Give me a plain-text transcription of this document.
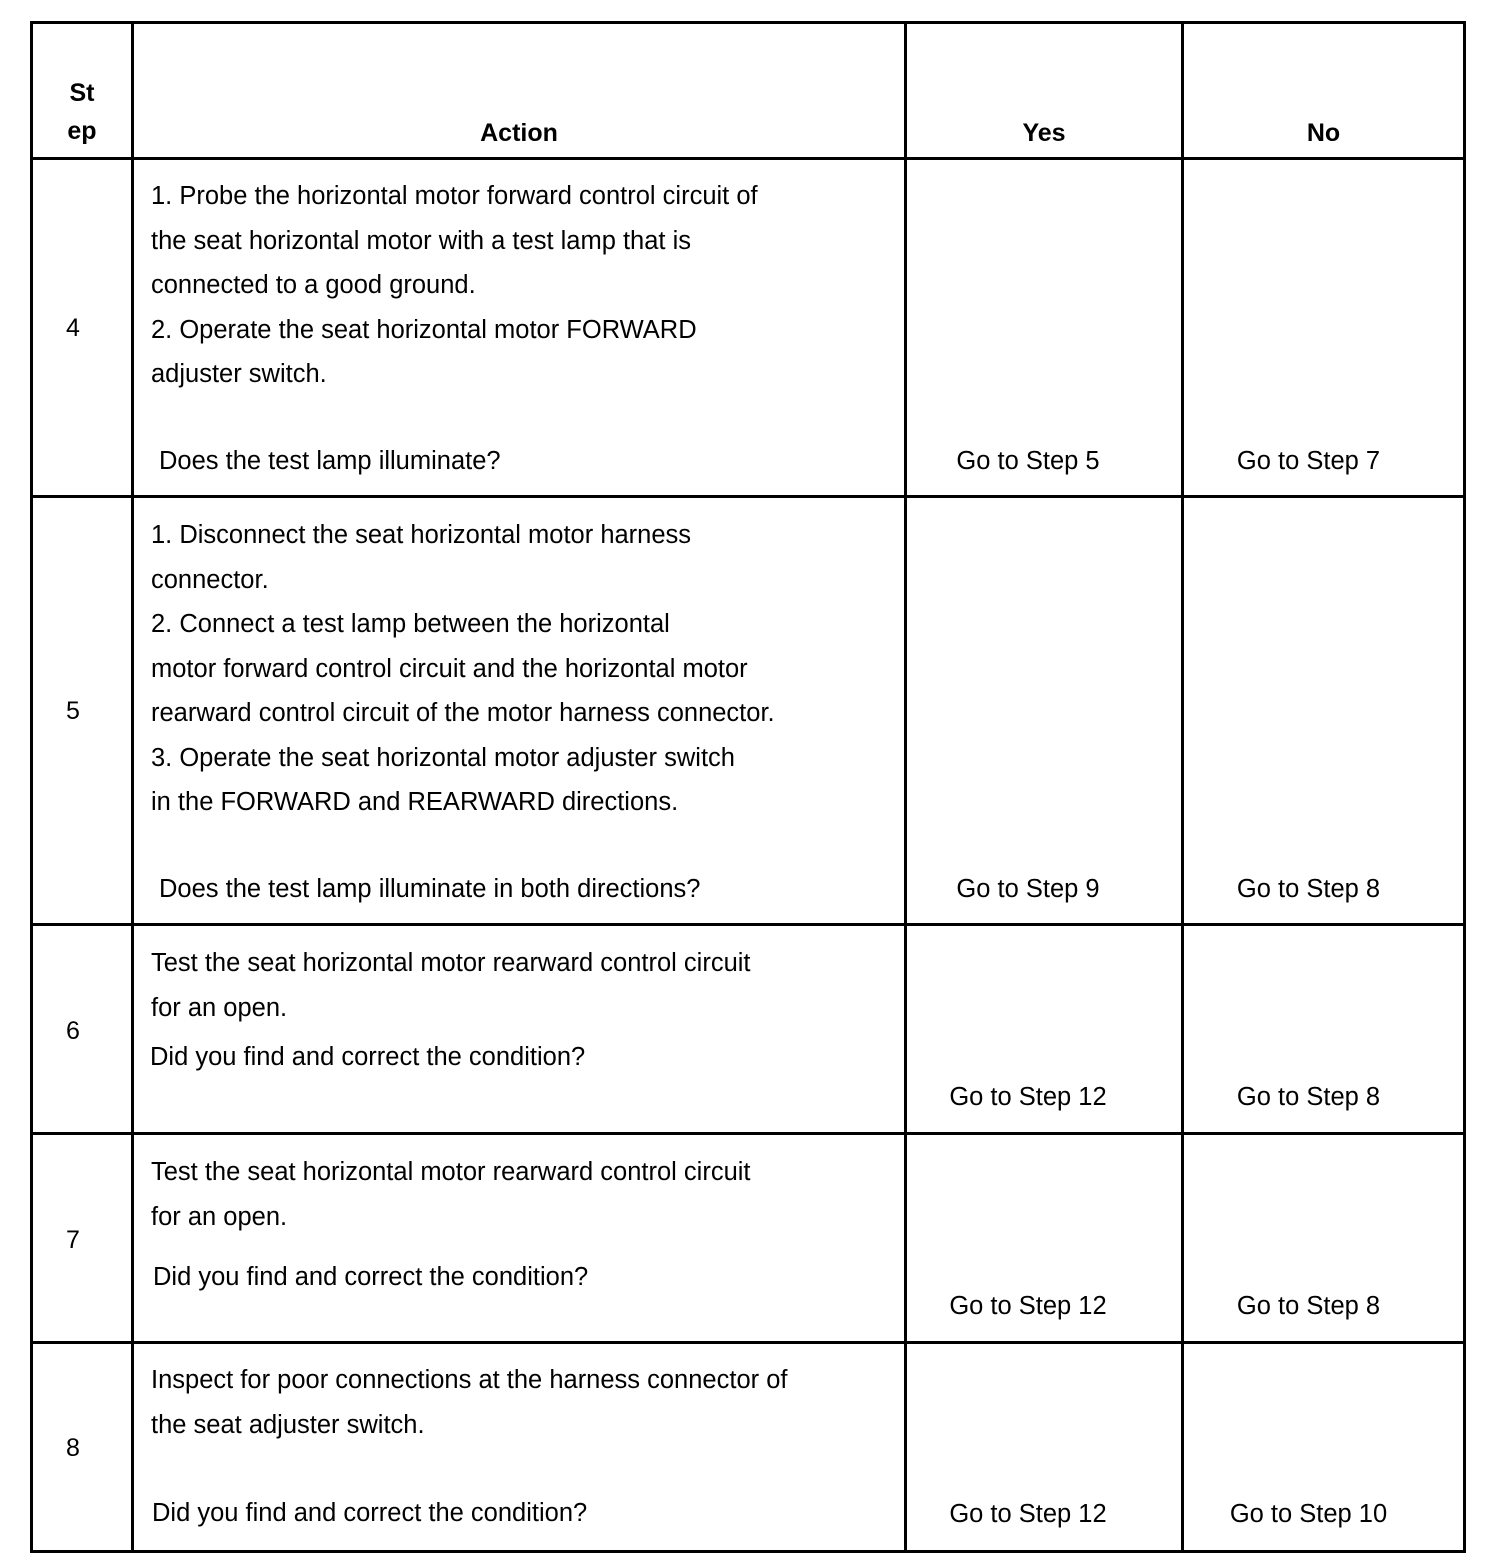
St
ep	Action	Yes	No
4
1. Probe the horizontal motor forward control circuit of
the seat horizontal motor with a test lamp that is
connected to a good ground.
2. Operate the seat horizontal motor FORWARD
adjuster switch.
Does the test lamp illuminate?	Go to Step 5	Go to Step 7
5
1. Disconnect the seat horizontal motor harness
connector.
2. Connect a test lamp between the horizontal
motor forward control circuit and the horizontal motor
rearward control circuit of the motor harness connector.
3. Operate the seat horizontal motor adjuster switch
in the FORWARD and REARWARD directions.
Does the test lamp illuminate in both directions?	Go to Step 9	Go to Step 8
6
Test the seat horizontal motor rearward control circuit
for an open.
Did you find and correct the condition?
Go to Step 12	Go to Step 8
7
Test the seat horizontal motor rearward control circuit
for an open.
Did you find and correct the condition?
Go to Step 12	Go to Step 8
8
Inspect for poor connections at the harness connector of
the seat adjuster switch.
Did you find and correct the condition?	Go to Step 12	Go to Step 10
